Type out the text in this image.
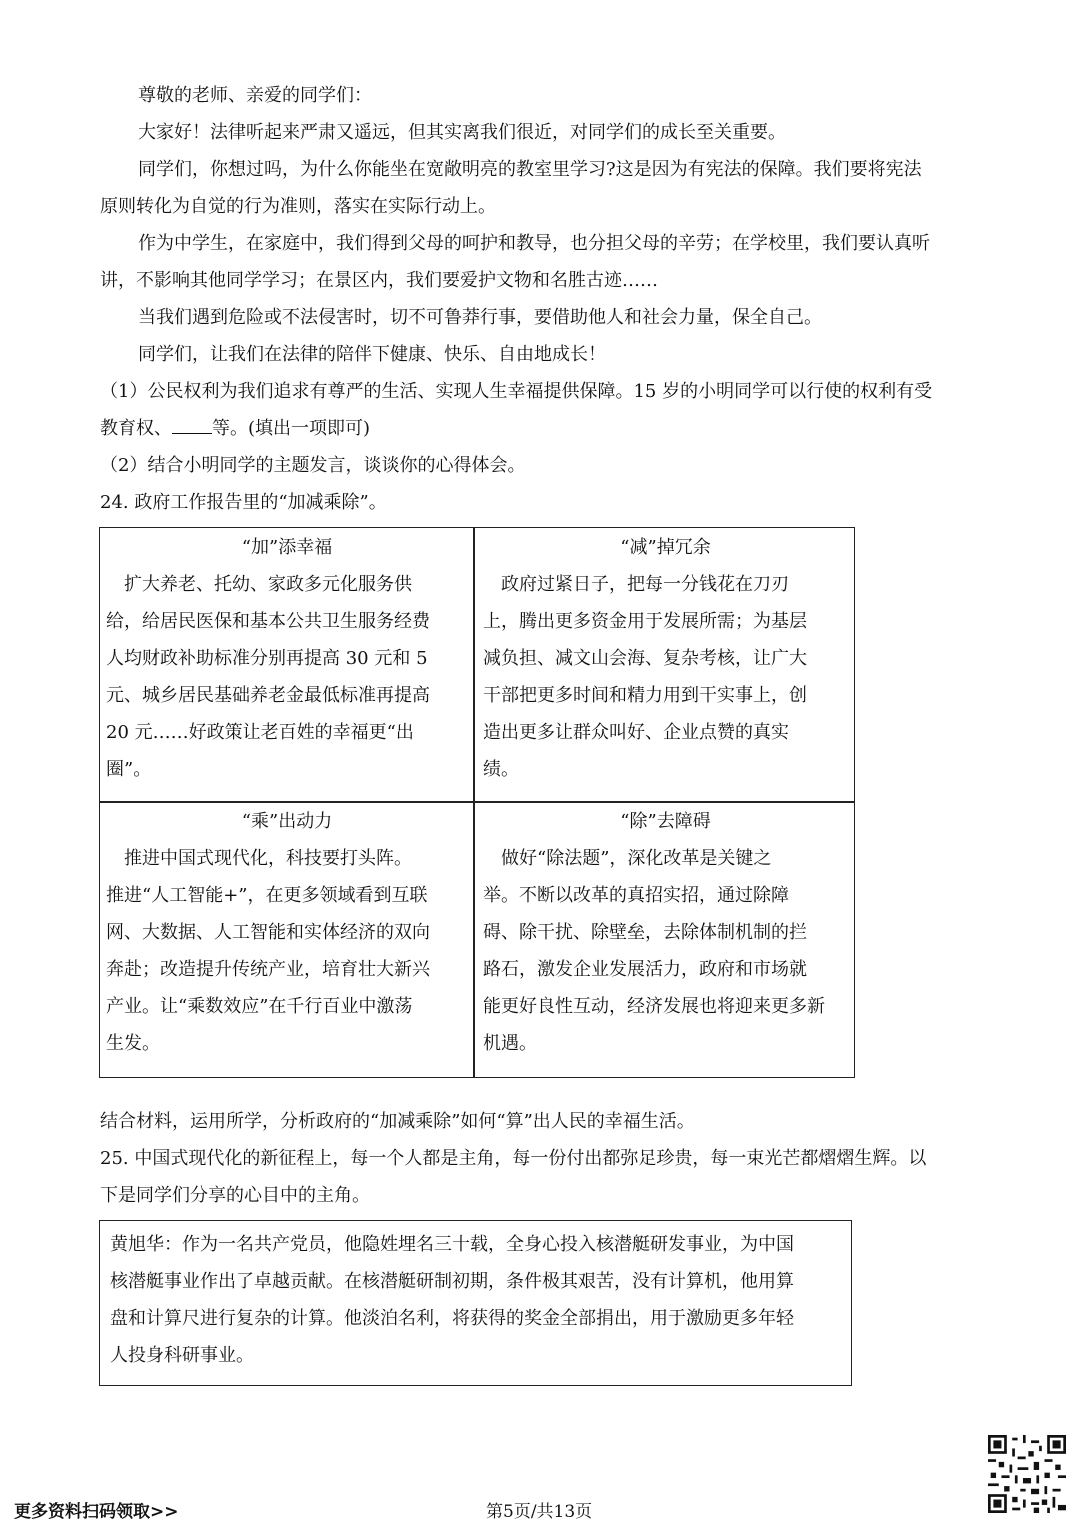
尊敬的老师、亲爱的同学们：
大家好！法律听起来严肃又遥远，但其实离我们很近，对同学们的成长至关重要。
同学们，你想过吗，为什么你能坐在宽敞明亮的教室里学习?这是因为有宪法的保障。我们要将宪法
原则转化为自觉的行为准则，落实在实际行动上。
作为中学生，在家庭中，我们得到父母的呵护和教导，也分担父母的辛劳；在学校里，我们要认真听
讲，不影响其他同学学习；在景区内，我们要爱护文物和名胜古迹……
当我们遇到危险或不法侵害时，切不可鲁莽行事，要借助他人和社会力量，保全自己。
同学们，让我们在法律的陪伴下健康、快乐、自由地成长！
（1）公民权利为我们追求有尊严的生活、实现人生幸福提供保障。15 岁的小明同学可以行使的权利有受
教育权、 等。(填出一项即可)
（2）结合小明同学的主题发言，谈谈你的心得体会。
24. 政府工作报告里的“加减乘除”。
“加”添幸福
　扩大养老、托幼、家政多元化服务供
给，给居民医保和基本公共卫生服务经费
人均财政补助标准分别再提高 30 元和 5
元、城乡居民基础养老金最低标准再提高
20 元……好政策让老百姓的幸福更“出
圈”。
“减”掉冗余
　政府过紧日子，把每一分钱花在刀刃
上，腾出更多资金用于发展所需；为基层
减负担、减文山会海、复杂考核，让广大
干部把更多时间和精力用到干实事上，创
造出更多让群众叫好、企业点赞的真实
绩。
“乘”出动力
　推进中国式现代化，科技要打头阵。
推进“人工智能+”，在更多领域看到互联
网、大数据、人工智能和实体经济的双向
奔赴；改造提升传统产业，培育壮大新兴
产业。让“乘数效应”在千行百业中激荡
生发。
“除”去障碍
　做好“除法题”，深化改革是关键之
举。不断以改革的真招实招，通过除障
碍、除干扰、除壁垒，去除体制机制的拦
路石，激发企业发展活力，政府和市场就
能更好良性互动，经济发展也将迎来更多新
机遇。
结合材料，运用所学，分析政府的“加减乘除”如何“算”出人民的幸福生活。
25. 中国式现代化的新征程上，每一个人都是主角，每一份付出都弥足珍贵，每一束光芒都熠熠生辉。以
下是同学们分享的心目中的主角。
黄旭华：作为一名共产党员，他隐姓埋名三十载，全身心投入核潜艇研发事业，为中国
核潜艇事业作出了卓越贡献。在核潜艇研制初期，条件极其艰苦，没有计算机，他用算
盘和计算尺进行复杂的计算。他淡泊名利，将获得的奖金全部捐出，用于激励更多年轻
人投身科研事业。
更多资料扫码领取>>	第5页/共13页
